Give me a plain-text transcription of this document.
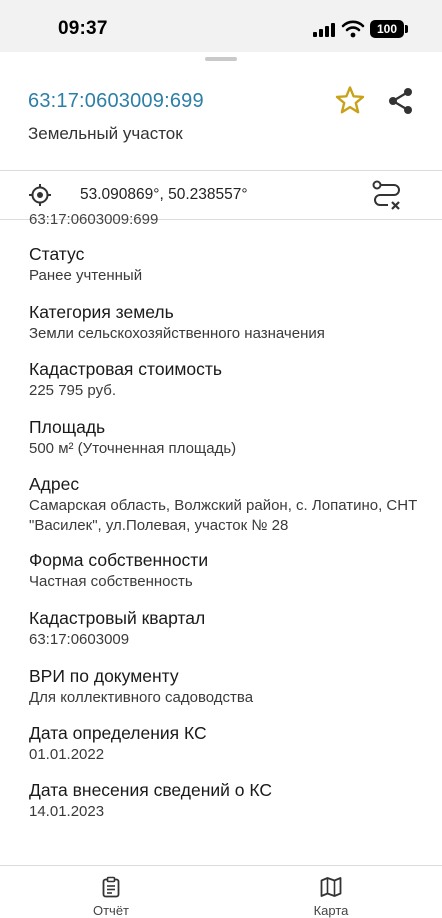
09:37	100
63:17:0603009:699
Земельный участок
53.090869°, 50.238557°
63:17:0603009:699
Статус
Ранее учтенный
Категория земель
Земли сельскохозяйственного назначения
Кадастровая стоимость
225 795 руб.
Площадь
500 м² (Уточненная площадь)
Адрес
Самарская область, Волжский район, с. Лопатино, СНТ "Василек", ул.Полевая, участок № 28
Форма собственности
Частная собственность
Кадастровый квартал
63:17:0603009
ВРИ по документу
Для коллективного садоводства
Дата определения КС
01.01.2022
Дата внесения сведений о КС
14.01.2023
Отчёт	Карта
